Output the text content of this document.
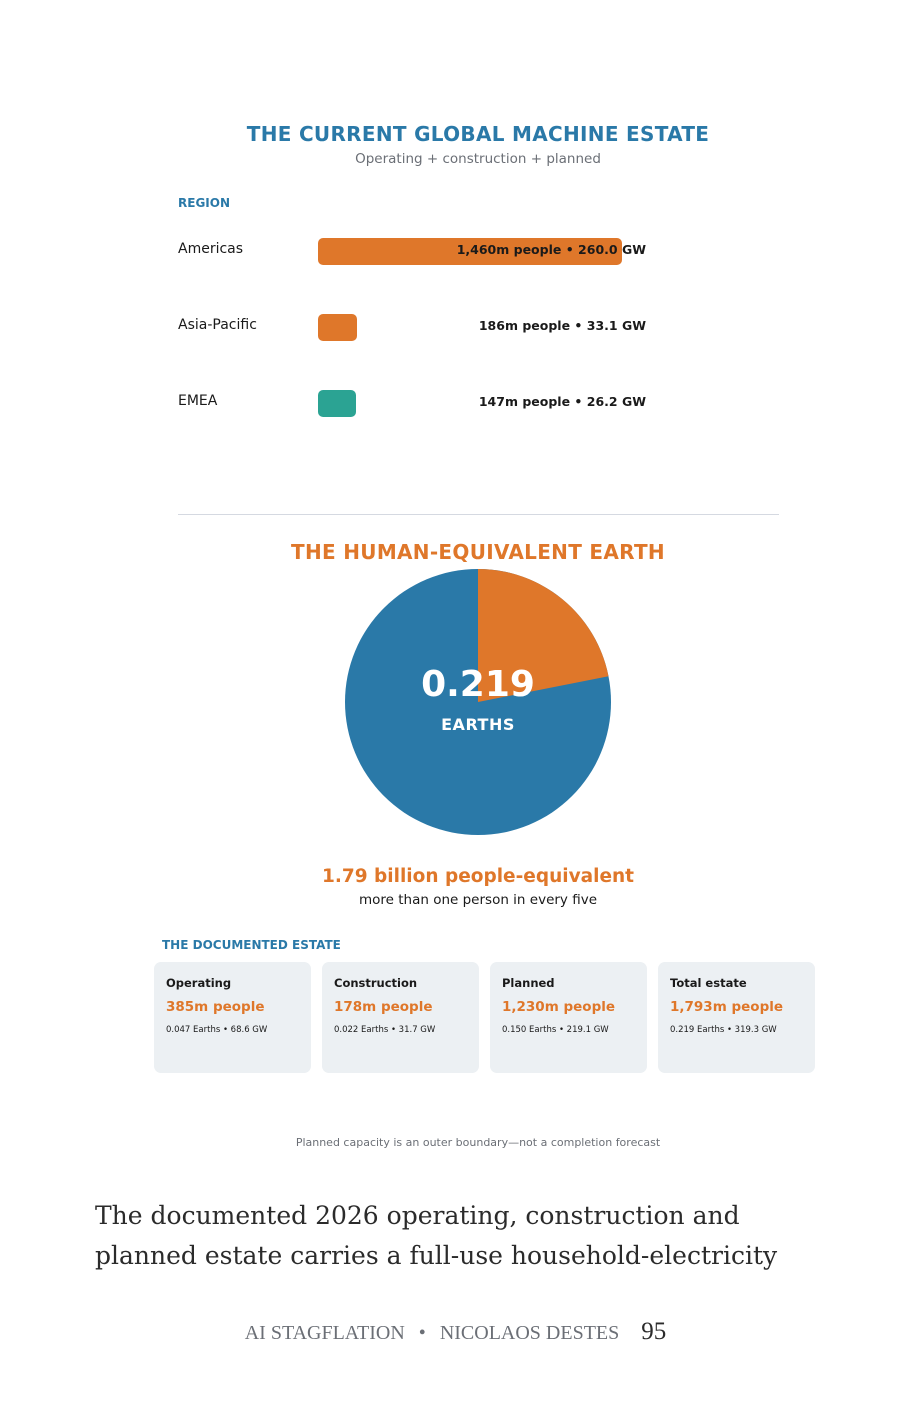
THE CURRENT GLOBAL MACHINE ESTATE
Operating + construction + planned
REGION
Americas	1,460m people • 260.0 GW
Asia-Pacific	186m people • 33.1 GW
EMEA	147m people • 26.2 GW
THE HUMAN-EQUIVALENT EARTH
0.219
EARTHS
1.79 billion people-equivalent
more than one person in every five
THE DOCUMENTED ESTATE
Operating
385m people
0.047 Earths • 68.6 GW
Construction
178m people
0.022 Earths • 31.7 GW
Planned
1,230m people
0.150 Earths • 219.1 GW
Total estate
1,793m people
0.219 Earths • 319.3 GW
Planned capacity is an outer boundary—not a completion forecast
The documented 2026 operating, construction and
planned estate carries a full-use household-electricity
AI STAGFLATION • NICOLAOS DESTES 95
